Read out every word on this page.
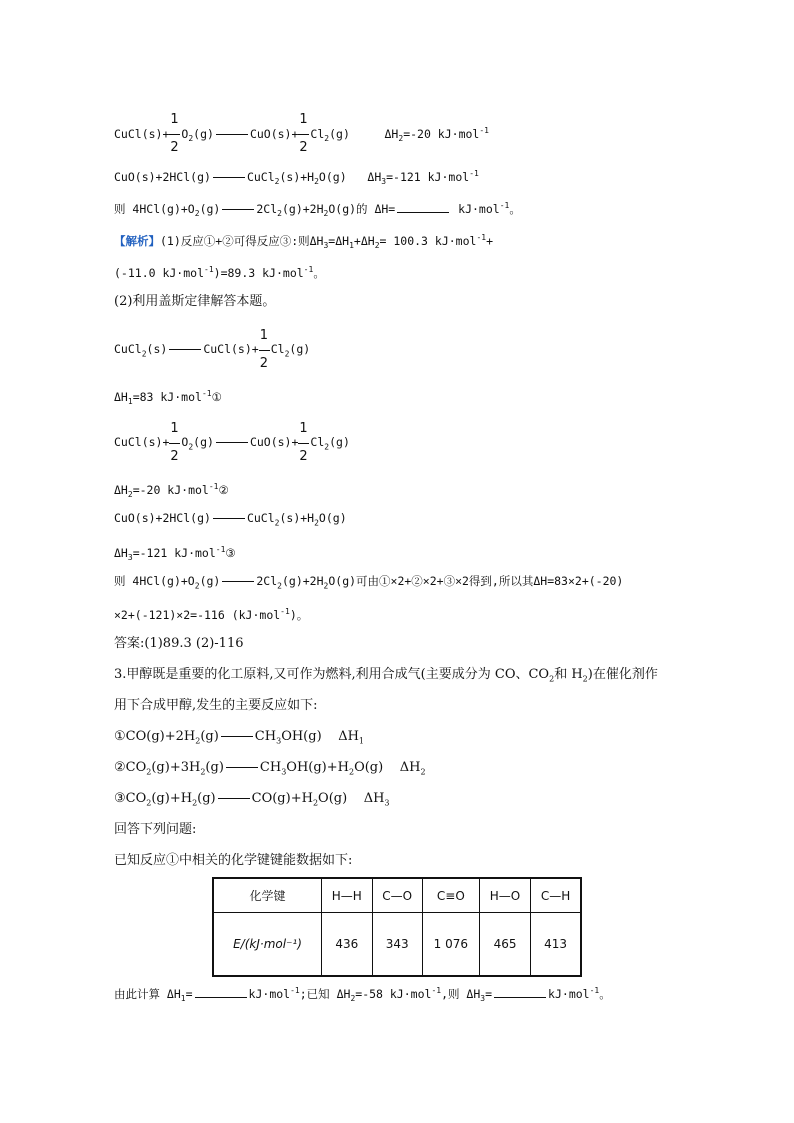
CuCl(s)+ $\frac{1}{2} O_2(g)$	$CuO(s)+ \frac{1}{2} Cl_2(g)$	$\Delta H_2=-20$ kJ·mol$^{-1}$
CuO(s)+2HCl(g)	$CuCl_2(s)+H_2O(g)$ $\Delta H_3=-121$ kJ·mol$^{-1}$
则 $4HCl(g)+O_2(g)$	$2Cl_2(g)+2H_2O(g)$的 ΔH=	kJ·mol$^{-1}$。
【解析】(1)反应①+②可得反应③:则$\Delta H_3=\Delta H_1+\Delta H_2= 100.3$ kJ·mol$^{-1}$+
(-11.0 kJ·mol$^{-1}$)=89.3 kJ·mol$^{-1}$。
(2)利用盖斯定律解答本题。
CuCl$_2$(s)	CuCl(s)+ $\frac{1}{2} Cl_2(g)$
$\Delta H_1=83$ kJ·mol$^{-1}$①
CuCl(s)+ $\frac{1}{2} O_2(g)$	$CuO(s)+ \frac{1}{2} Cl_2(g)$
$\Delta H_2=-20$ kJ·mol$^{-1}$②
CuO(s)+2HCl(g)	$CuCl_2(s)+H_2O(g)$
$\Delta H_3=-121$ kJ·mol$^{-1}$③
则 $4HCl(g)+O_2(g)$	$2Cl_2(g)+2H_2O(g)$可由①×2+②×2+③×2得到,所以其ΔH=83×2+(-20)
×2+(-121)×2=-116 (kJ·mol$^{-1}$)。
答案:(1)89.3 (2)-116
3.甲醇既是重要的化工原料,又可作为燃料,利用合成气(主要成分为 CO、$CO_2$和 $H_2$)在催化剂作
用下合成甲醇,发生的主要反应如下:
$①CO(g)+2H_2(g)$	$CH_3OH(g)$ $\Delta H_1$
$②CO_2(g)+3H_2(g)$	$CH_3OH(g)+H_2O(g)$ $\Delta H_2$
$③CO_2(g)+H_2(g)$	$CO(g)+H_2O(g)$ $\Delta H_3$
回答下列问题:
已知反应①中相关的化学键键能数据如下:
化学键	H—H	C—O	C≡O	H—O	C—H
E/(kJ·mol⁻¹)	436	343	1 076	465	413
由此计算 $\Delta H_1=$	kJ·mol$^{-1}$;已知 $\Delta H_2=-58$ kJ·mol$^{-1}$,则 $\Delta H_3=$	kJ·mol$^{-1}$。
